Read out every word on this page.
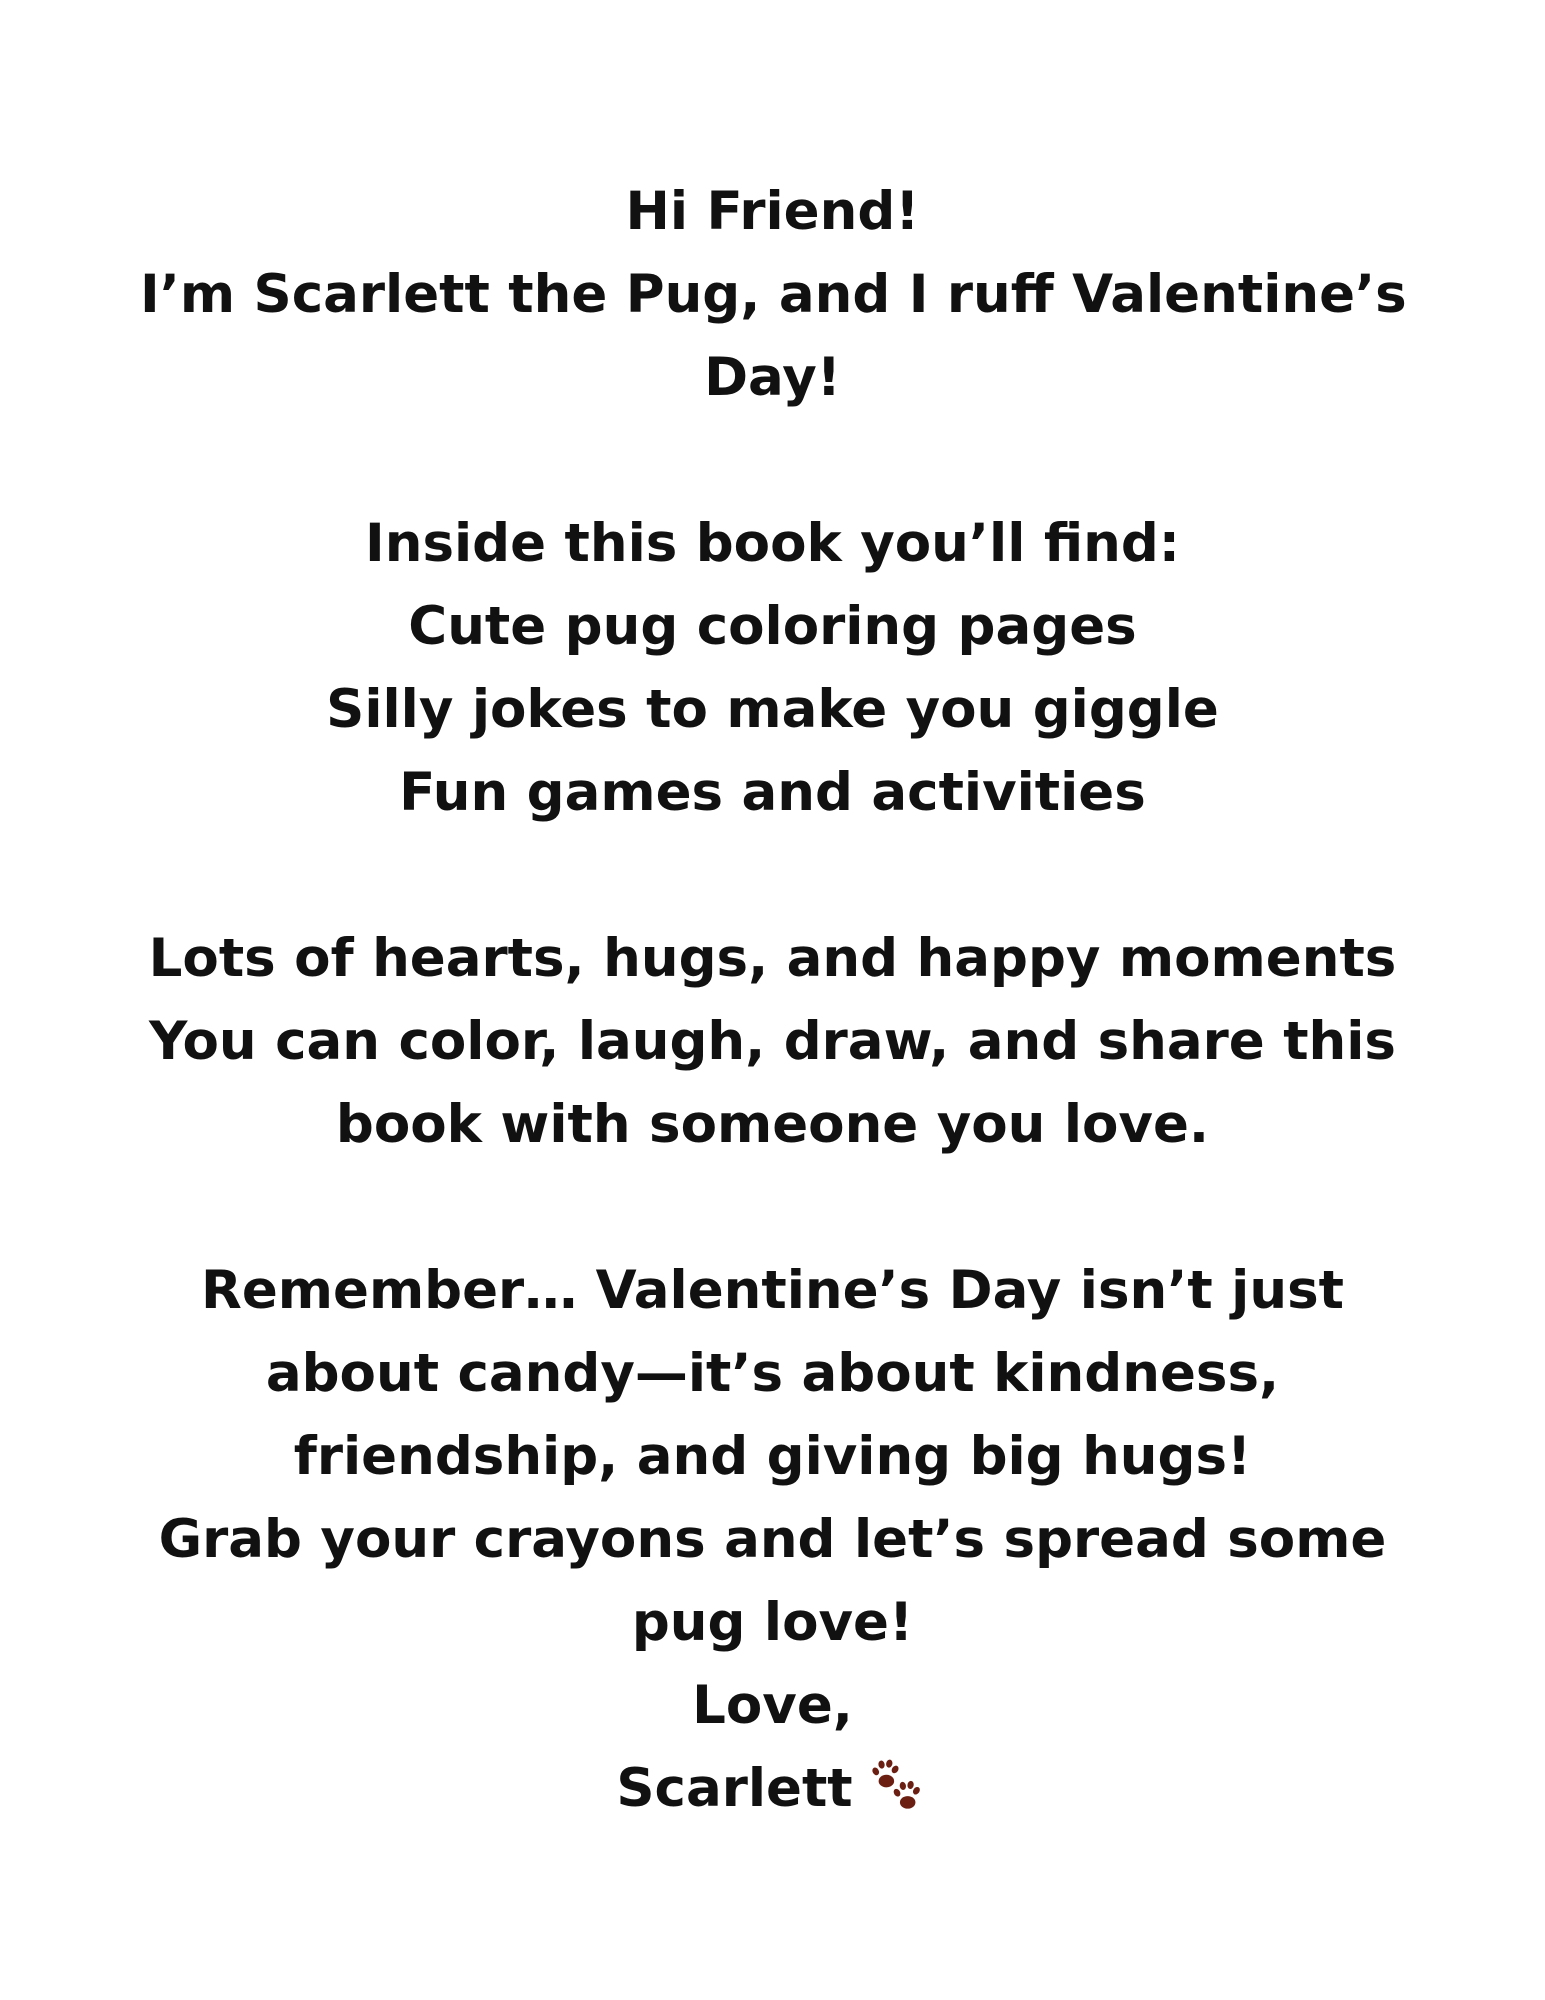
Hi Friend!
I’m Scarlett the Pug, and I ruff Valentine’s
Day!
Inside this book you’ll find:
Cute pug coloring pages
Silly jokes to make you giggle
Fun games and activities
Lots of hearts, hugs, and happy moments
You can color, laugh, draw, and share this
book with someone you love.
Remember… Valentine’s Day isn’t just
about candy—it’s about kindness,
friendship, and giving big hugs!
Grab your crayons and let’s spread some
pug love!
Love,
Scarlett
